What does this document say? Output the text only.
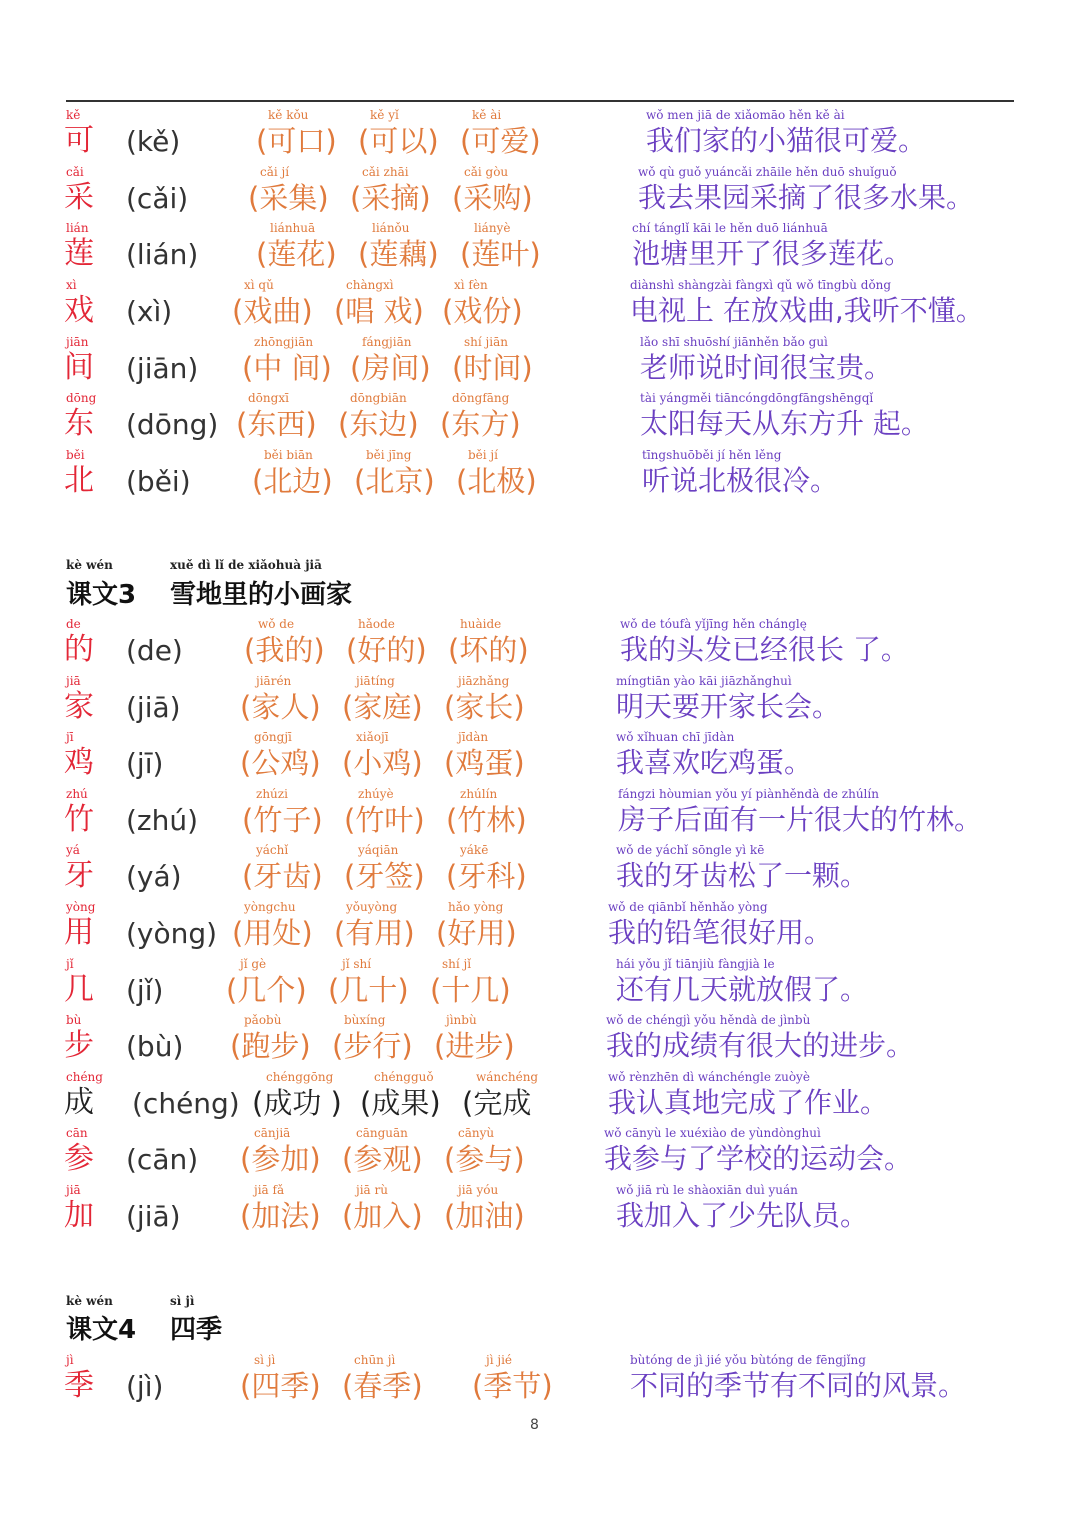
kě
可 (kě)
kě kǒu
(可口)
kě yǐ
(可以)
kě ài
(可爱)
wǒ men jiā de xiǎomāo hěn kě ài
我们家的小猫很可爱。
cǎi
采 (cǎi)
cǎi jí
(采集)
cǎi zhāi
(采摘)
cǎi gòu
(采购)
wǒ qù guǒ yuáncǎi zhāile hěn duō shuǐguǒ
我去果园采摘了很多水果。
lián
莲 (lián)
liánhuā
(莲花)
liánǒu
(莲藕)
liányè
(莲叶)
chí tánglǐ kāi le hěn duō liánhuā
池塘里开了很多莲花。
xì
戏 (xì)
xì qǔ
(戏曲)
chàngxì
(唱 戏)
xì fèn
(戏份)
diànshì shàngzài fàngxì qǔ wǒ tīngbù dǒng
电视上 在放戏曲,我听不懂。
jiān
间 (jiān)
zhōngjiān
(中 间)
fángjiān
(房间)
shí jiān
(时间)
lǎo shī shuōshí jiānhěn bǎo guì
老师说时间很宝贵。
dōng
东 (dōng)
dōngxī
(东西)
dōngbiān
(东边)
dōngfāng
(东方)
tài yángměi tiāncóngdōngfāngshēngqǐ
太阳每天从东方升 起。
běi
北 (běi)
běi biān
(北边)
běi jīng
(北京)
běi jí
(北极)
tīngshuōběi jí hěn lěng
听说北极很冷。
kè wén	xuě dì lǐ de xiǎohuà jiā
课文3 雪地里的小画家
de
的 (de)
wǒ de
(我的)
hǎode
(好的)
huàide
(坏的)
wǒ de tóufà yǐjīng hěn chánglę
我的头发已经很长 了。
jiā
家 (jiā)
jiārén
(家人)
jiātíng
(家庭)
jiāzhǎng
(家长)
míngtiān yào kāi jiāzhǎnghuì
明天要开家长会。
jī
鸡 (jī)
gōngjī
(公鸡)
xiǎojī
(小鸡)
jīdàn
(鸡蛋)
wǒ xǐhuan chī jīdàn
我喜欢吃鸡蛋。
zhú
竹 (zhú)
zhúzi
(竹子)
zhúyè
(竹叶)
zhúlín
(竹林)
fángzi hòumian yǒu yí piànhěndà de zhúlín
房子后面有一片很大的竹林。
yá
牙 (yá)
yáchǐ
(牙齿)
yáqiān
(牙签)
yákē
(牙科)
wǒ de yáchǐ sōngle yì kē
我的牙齿松了一颗。
yòng
用 (yòng)
yòngchu
(用处)
yǒuyòng
(有用)
hǎo yòng
(好用)
wǒ de qiānbǐ hěnhǎo yòng
我的铅笔很好用。
jǐ
几 (jǐ)
jǐ gè
(几个)
jǐ shí
(几十)
shí jǐ
(十几)
hái yǒu jǐ tiānjiù fàngjià le
还有几天就放假了。
bù
步 (bù)
pǎobù
(跑步)
bùxíng
(步行)
jìnbù
(进步)
wǒ de chéngjì yǒu hěndà de jìnbù
我的成绩有很大的进步。
chéng
成 (chéng)
chénggōng
(成功 )
chéngguǒ
(成果)
wánchéng
(完成
wǒ rènzhēn dì wánchéngle zuòyè
我认真地完成了作业。
cān
参 (cān)
cānjiā
(参加)
cānguān
(参观)
cānyù
(参与)
wǒ cānyù le xuéxiào de yùndònghuì
我参与了学校的运动会。
jiā
加 (jiā)
jiā fǎ
(加法)
jiā rù
(加入)
jiā yóu
(加油)
wǒ jiā rù le shàoxiān duì yuán
我加入了少先队员。
kè wén	sì jì
课文4 四季
jì
季 (jì)
sì jì
(四季)
chūn jì
(春季)
jì jié
(季节)
bùtóng de jì jié yǒu bùtóng de fēngjǐng
不同的季节有不同的风景。
8
